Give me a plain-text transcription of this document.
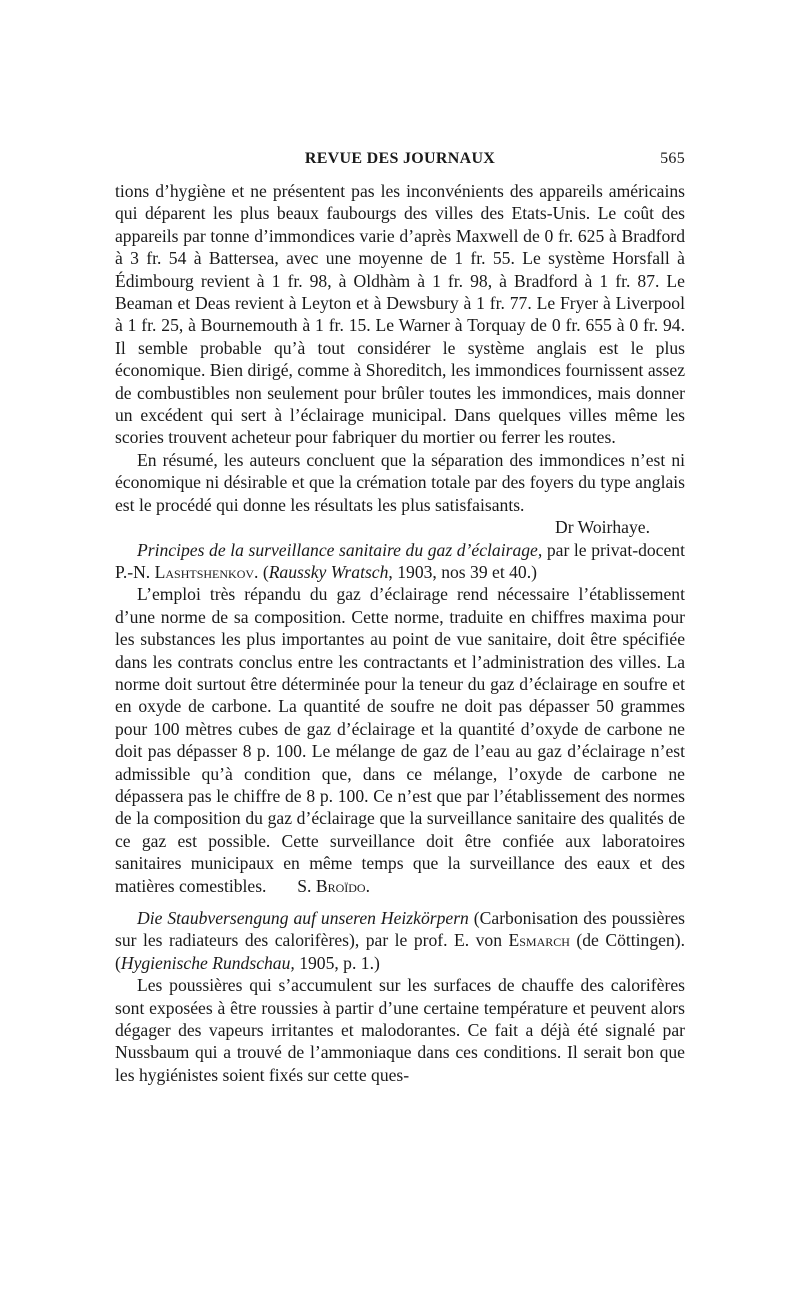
REVUE DES JOURNAUX	565

tions d’hygiène et ne présentent pas les inconvénients des appareils américains qui déparent les plus beaux faubourgs des villes des Etats-Unis. Le coût des appareils par tonne d’immondices varie d’après Maxwell de 0 fr. 625 à Bradford à 3 fr. 54 à Battersea, avec une moyenne de 1 fr. 55. Le système Horsfall à Édimbourg revient à 1 fr. 98, à Oldhàm à 1 fr. 98, à Bradford à 1 fr. 87. Le Beaman et Deas revient à Leyton et à Dewsbury à 1 fr. 77. Le Fryer à Liverpool à 1 fr. 25, à Bournemouth à 1 fr. 15. Le Warner à Torquay de 0 fr. 655 à 0 fr. 94. Il semble probable qu’à tout considérer le système anglais est le plus économique. Bien dirigé, comme à Shoreditch, les immondices fournissent assez de combustibles non seulement pour brûler toutes les immondices, mais donner un excédent qui sert à l’éclairage municipal. Dans quelques villes même les scories trouvent acheteur pour fabriquer du mortier ou ferrer les routes.

En résumé, les auteurs concluent que la séparation des immondices n’est ni économique ni désirable et que la crémation totale par des foyers du type anglais est le procédé qui donne les résultats les plus satisfaisants.

Dr Woirhaye.

Principes de la surveillance sanitaire du gaz d’éclairage, par le privat-docent P.-N. Lashtshenkov. (Raussky Wratsch, 1903, nos 39 et 40.)

L’emploi très répandu du gaz d’éclairage rend nécessaire l’établissement d’une norme de sa composition. Cette norme, traduite en chiffres maxima pour les substances les plus importantes au point de vue sanitaire, doit être spécifiée dans les contrats conclus entre les contractants et l’administration des villes. La norme doit surtout être déterminée pour la teneur du gaz d’éclairage en soufre et en oxyde de carbone. La quantité de soufre ne doit pas dépasser 50 grammes pour 100 mètres cubes de gaz d’éclairage et la quantité d’oxyde de carbone ne doit pas dépasser 8 p. 100. Le mélange de gaz de l’eau au gaz d’éclairage n’est admissible qu’à condition que, dans ce mélange, l’oxyde de carbone ne dépassera pas le chiffre de 8 p. 100. Ce n’est que par l’établissement des normes de la composition du gaz d’éclairage que la surveillance sanitaire des qualités de ce gaz est possible. Cette surveillance doit être confiée aux laboratoires sanitaires municipaux en même temps que la surveillance des eaux et des matières comestibles. S. Broïdo.

Die Staubversengung auf unseren Heizkörpern (Carbonisation des poussières sur les radiateurs des calorifères), par le prof. E. von Esmarch (de Cöttingen). (Hygienische Rundschau, 1905, p. 1.)

Les poussières qui s’accumulent sur les surfaces de chauffe des calorifères sont exposées à être roussies à partir d’une certaine température et peuvent alors dégager des vapeurs irritantes et malodorantes. Ce fait a déjà été signalé par Nussbaum qui a trouvé de l’ammoniaque dans ces conditions. Il serait bon que les hygiénistes soient fixés sur cette ques-
